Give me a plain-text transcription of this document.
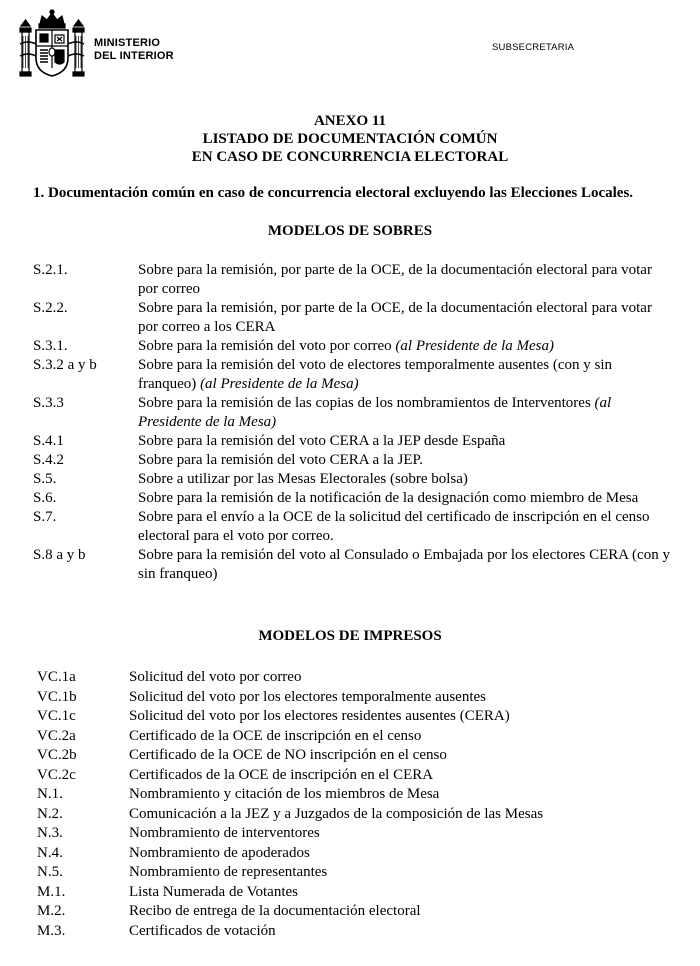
MINISTERIO
DEL INTERIOR
SUBSECRETARIA
ANEXO 11
LISTADO DE DOCUMENTACIÓN COMÚN
EN CASO DE CONCURRENCIA ELECTORAL
1. Documentación común en caso de concurrencia electoral excluyendo las Elecciones Locales.
MODELOS DE SOBRES
S.2.1.	Sobre para la remisión, por parte de la OCE, de la documentación electoral para votar por correo
S.2.2.	Sobre para la remisión, por parte de la OCE, de la documentación electoral para votar por correo a los CERA
S.3.1.	Sobre para la remisión del voto por correo (al Presidente de la Mesa)
S.3.2 a y b	Sobre para la remisión del voto de electores temporalmente ausentes (con y sin franqueo) (al Presidente de la Mesa)
S.3.3	Sobre para la remisión de las copias de los nombramientos de Interventores (al Presidente de la Mesa)
S.4.1	Sobre para la remisión del voto CERA a la JEP desde España
S.4.2	Sobre para la remisión del voto CERA a la JEP.
S.5.	Sobre a utilizar por las Mesas Electorales (sobre bolsa)
S.6.	Sobre para la remisión de la notificación de la designación como miembro de Mesa
S.7.	Sobre para el envío a la OCE de la solicitud del certificado de inscripción en el censo electoral para el voto por correo.
S.8 a y b	Sobre para la remisión del voto al Consulado o Embajada por los electores CERA (con y sin franqueo)
MODELOS DE IMPRESOS
VC.1a	Solicitud del voto por correo
VC.1b	Solicitud del voto por los electores temporalmente ausentes
VC.1c	Solicitud del voto por los electores residentes ausentes (CERA)
VC.2a	Certificado de la OCE de inscripción en el censo
VC.2b	Certificado de la OCE de NO inscripción en el censo
VC.2c	Certificados de la OCE de inscripción en el CERA
N.1.	Nombramiento y citación de los miembros de Mesa
N.2.	Comunicación a la JEZ y a Juzgados de la composición de las Mesas
N.3.	Nombramiento de interventores
N.4.	Nombramiento de apoderados
N.5.	Nombramiento de representantes
M.1.	Lista Numerada de Votantes
M.2.	Recibo de entrega de la documentación electoral
M.3.	Certificados de votación
